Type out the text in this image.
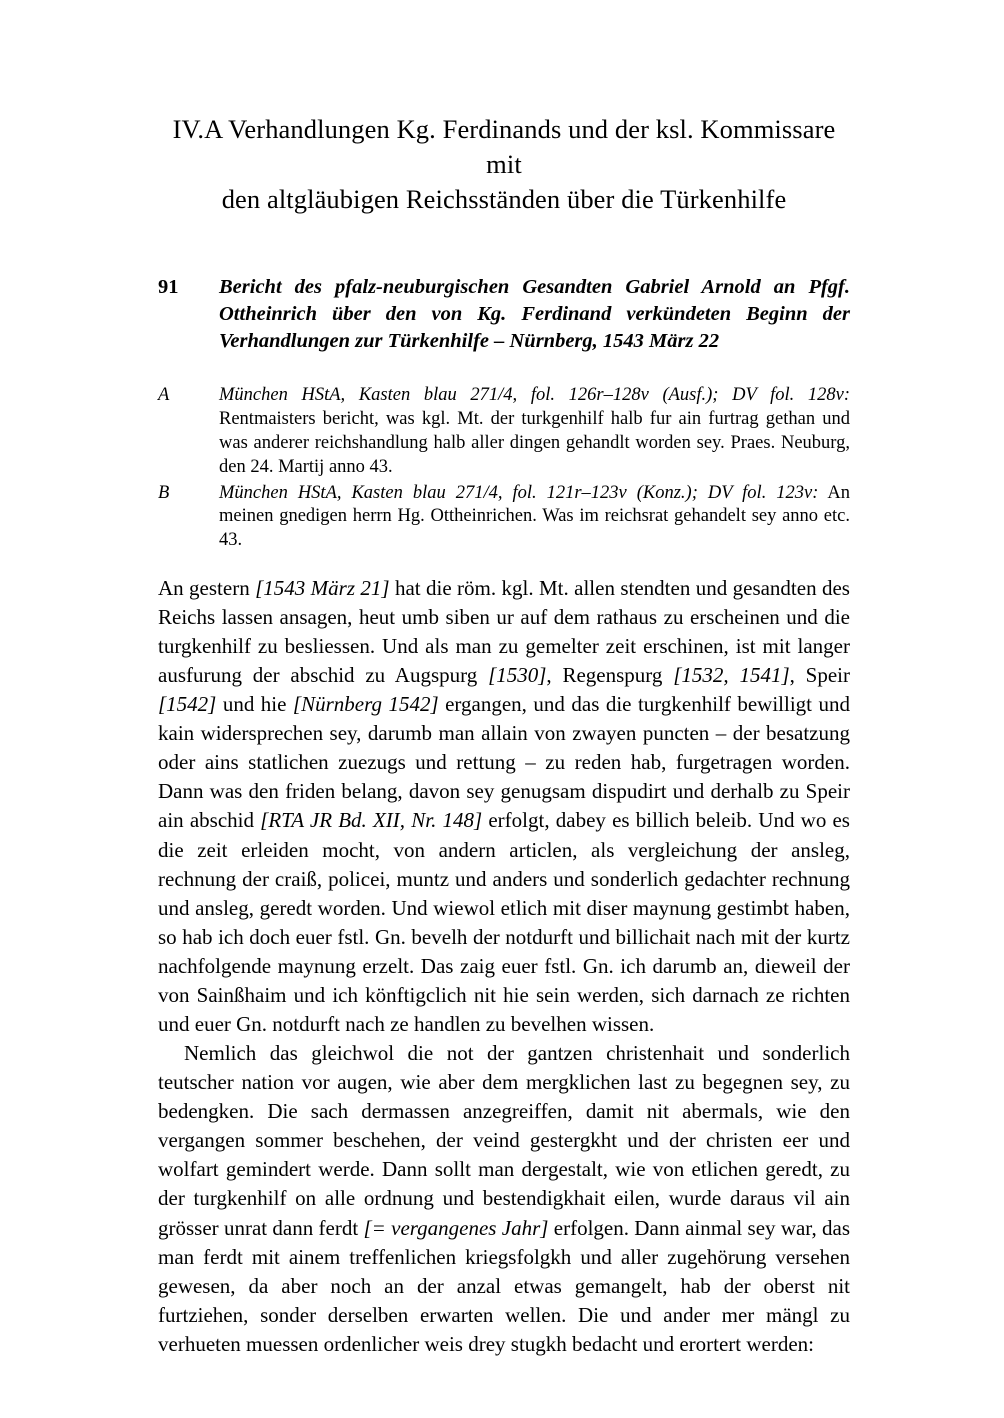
IV.A Verhandlungen Kg. Ferdinands und der ksl. Kommissare mit
den altgläubigen Reichsständen über die Türkenhilfe
91 Bericht des pfalz-neuburgischen Gesandten Gabriel Arnold an Pfgf. Ottheinrich über den von Kg. Ferdinand verkündeten Beginn der Verhandlungen zur Türkenhilfe – Nürnberg, 1543 März 22
A	München HStA, Kasten blau 271/4, fol. 126r–128v (Ausf.); DV fol. 128v: Rentmaisters bericht, was kgl. Mt. der turkgenhilf halb fur ain furtrag gethan und was anderer reichshandlung halb aller dingen gehandlt worden sey. Praes. Neuburg, den 24. Martij anno 43.
B	München HStA, Kasten blau 271/4, fol. 121r–123v (Konz.); DV fol. 123v: An meinen gnedigen herrn Hg. Ottheinrichen. Was im reichsrat gehandelt sey anno etc. 43.

An gestern [1543 März 21] hat die röm. kgl. Mt. allen stendten und gesandten des Reichs lassen ansagen, heut umb siben ur auf dem rathaus zu erscheinen und die turgkenhilf zu besliessen. Und als man zu gemelter zeit erschinen, ist mit langer ausfurung der abschid zu Augspurg [1530], Regenspurg [1532, 1541], Speir [1542] und hie [Nürnberg 1542] ergangen, und das die turgkenhilf bewilligt und kain widersprechen sey, darumb man allain von zwayen puncten – der besatzung oder ains statlichen zuezugs und rettung – zu reden hab, furgetragen worden. Dann was den friden belang, davon sey genugsam dispudirt und derhalb zu Speir ain abschid [RTA JR Bd. XII, Nr. 148] erfolgt, dabey es billich beleib. Und wo es die zeit erleiden mocht, von andern articlen, als vergleichung der ansleg, rechnung der craiß, policei, muntz und anders und sonderlich gedachter rechnung und ansleg, geredt worden. Und wiewol etlich mit diser maynung gestimbt haben, so hab ich doch euer fstl. Gn. bevelh der notdurft und billichait nach mit der kurtz nachfolgende maynung erzelt. Das zaig euer fstl. Gn. ich darumb an, dieweil der von Sainßhaim und ich könftigclich nit hie sein werden, sich darnach ze richten und euer Gn. notdurft nach ze handlen zu bevelhen wissen.

Nemlich das gleichwol die not der gantzen christenhait und sonderlich teutscher nation vor augen, wie aber dem mergklichen last zu begegnen sey, zu bedengken. Die sach dermassen anzegreiffen, damit nit abermals, wie den vergangen sommer beschehen, der veind gestergkht und der christen eer und wolfart gemindert werde. Dann sollt man dergestalt, wie von etlichen geredt, zu der turgkenhilf on alle ordnung und bestendigkhait eilen, wurde daraus vil ain grösser unrat dann ferdt [= vergangenes Jahr] erfolgen. Dann ainmal sey war, das man ferdt mit ainem treffenlichen kriegsfolgkh und aller zugehörung versehen gewesen, da aber noch an der anzal etwas gemangelt, hab der oberst nit furtziehen, sonder derselben erwarten wellen. Die und ander mer mängl zu verhueten muessen ordenlicher weis drey stugkh bedacht und erortert werden:
